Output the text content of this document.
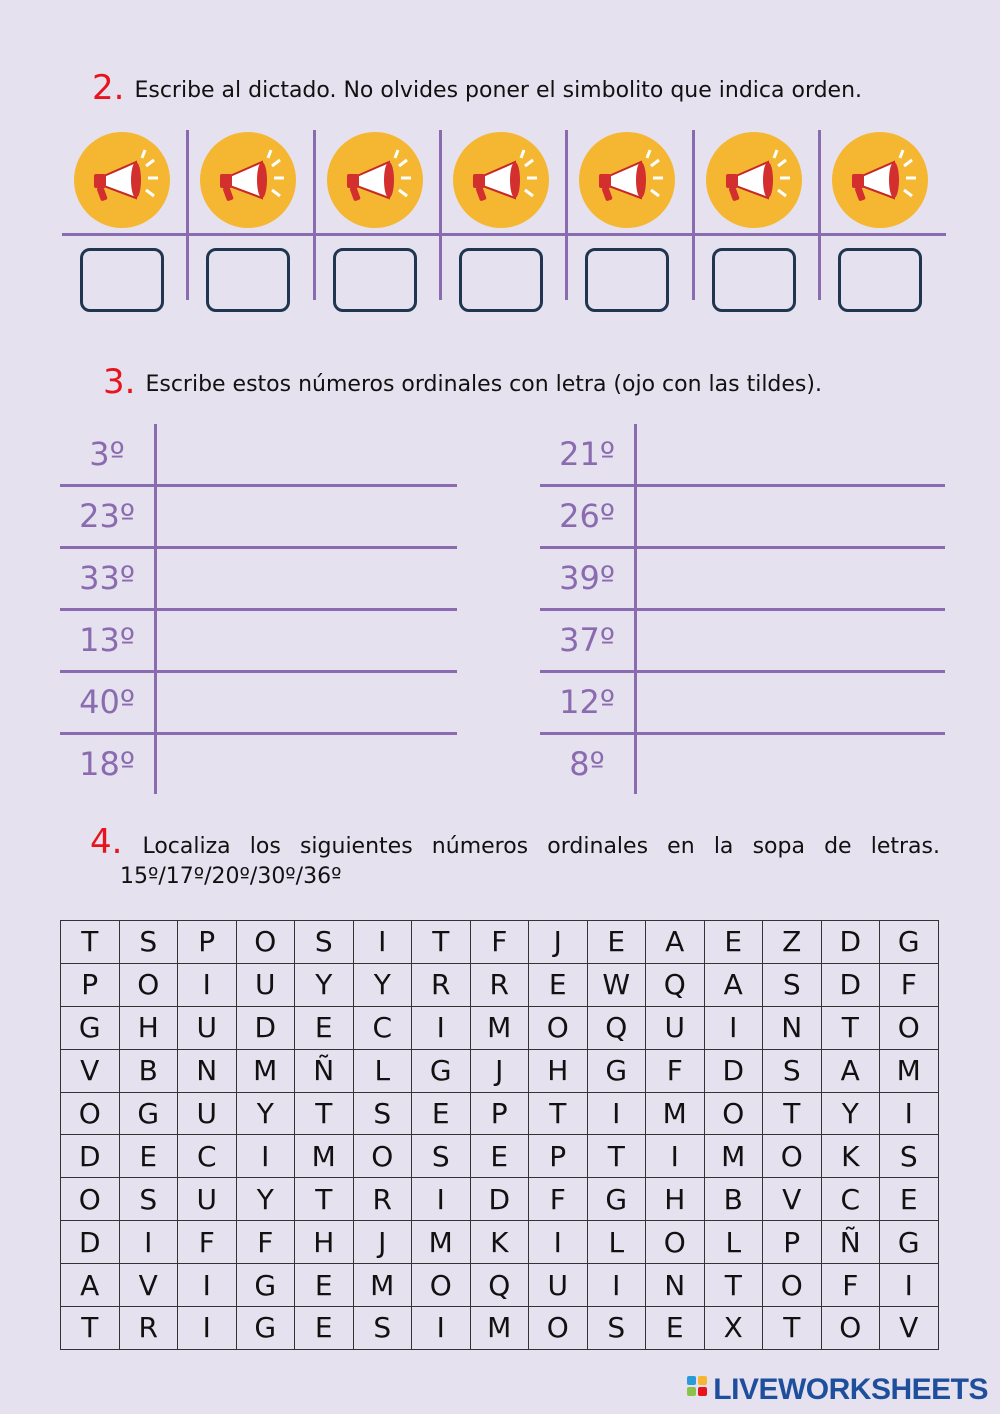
2. Escribe al dictado. No olvides poner el simbolito que indica orden.
3. Escribe estos números ordinales con letra (ojo con las tildes).
3º
23º
33º
13º
40º
18º
21º
26º
39º
37º
12º
8º
4. Localiza los siguientes números ordinales en la sopa de letras.
15º/17º/20º/30º/36º
T	S	P	O	S	I	T	F	J	E	A	E	Z	D	G
P	O	I	U	Y	Y	R	R	E	W	Q	A	S	D	F
G	H	U	D	E	C	I	M	O	Q	U	I	N	T	O
V	B	N	M	Ñ	L	G	J	H	G	F	D	S	A	M
O	G	U	Y	T	S	E	P	T	I	M	O	T	Y	I
D	E	C	I	M	O	S	E	P	T	I	M	O	K	S
O	S	U	Y	T	R	I	D	F	G	H	B	V	C	E
D	I	F	F	H	J	M	K	I	L	O	L	P	Ñ	G
A	V	I	G	E	M	O	Q	U	I	N	T	O	F	I
T	R	I	G	E	S	I	M	O	S	E	X	T	O	V
LIVEWORKSHEETS
